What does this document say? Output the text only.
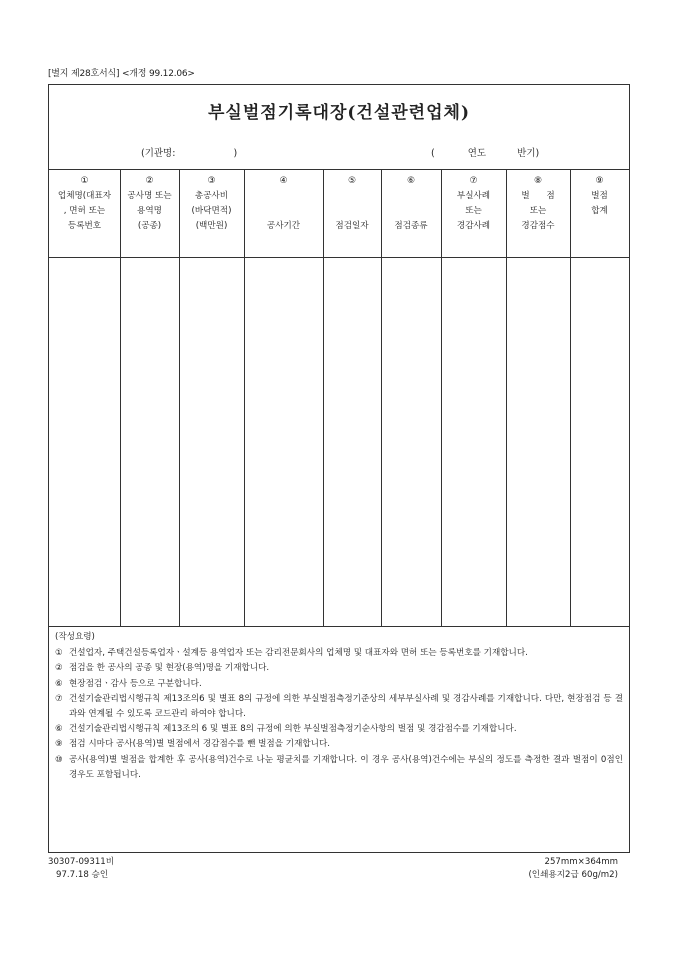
[별지 제28호서식] <개정 99.12.06>
부실벌점기록대장(건설관련업체)
(기관명:	)	(	연도	반기)
①
업체명(대표자
, 면허 또는
등록번호
②
공사명 또는
용역명
(공종)
③
총공사비
(바닥면적)
(백만원)
④

공사기간
⑤

점검일자
⑥

점검종류
⑦
부실사례
또는
경감사례
⑧
벌 점
또는
경감점수
⑨
벌점
합계
(작성요령)
① 건설업자, 주택건설등록업자ㆍ설계등 용역업자 또는 감리전문회사의 업체명 및 대표자와 면허 또는 등록번호를 기재합니다.
② 점검을 한 공사의 공종 및 현장(용역)명을 기재합니다.
⑥ 현장점검ㆍ감사 등으로 구분합니다.
⑦ 건설기술관리법시행규칙 제13조의6 및 별표 8의 규정에 의한 부실벌점측정기준상의 세부부실사례 및 경감사례를 기재합니다. 다만, 현장점검 등 결과와 연계될 수 있도록 코드관리 하여야 합니다.
⑥ 건설기술관리법시행규칙 제13조의 6 및 별표 8의 규정에 의한 부실벌점측정기순사항의 벌점 및 경감점수를 기재합니다.
⑨ 점검 시마다 공사(용역)별 벌점에서 경감점수를 뺀 벌점을 기재합니다.
⑩ 공사(용역)별 벌점을 합계한 후 공사(용역)건수로 나눈 평균치를 기재합니다. 이 경우 공사(용역)건수에는 부실의 정도를 측정한 결과 벌점이 0점인 경우도 포함됩니다.
30307-09311비
97.7.18 승인
257mm×364mm
(인쇄용지2급 60g/m2)
